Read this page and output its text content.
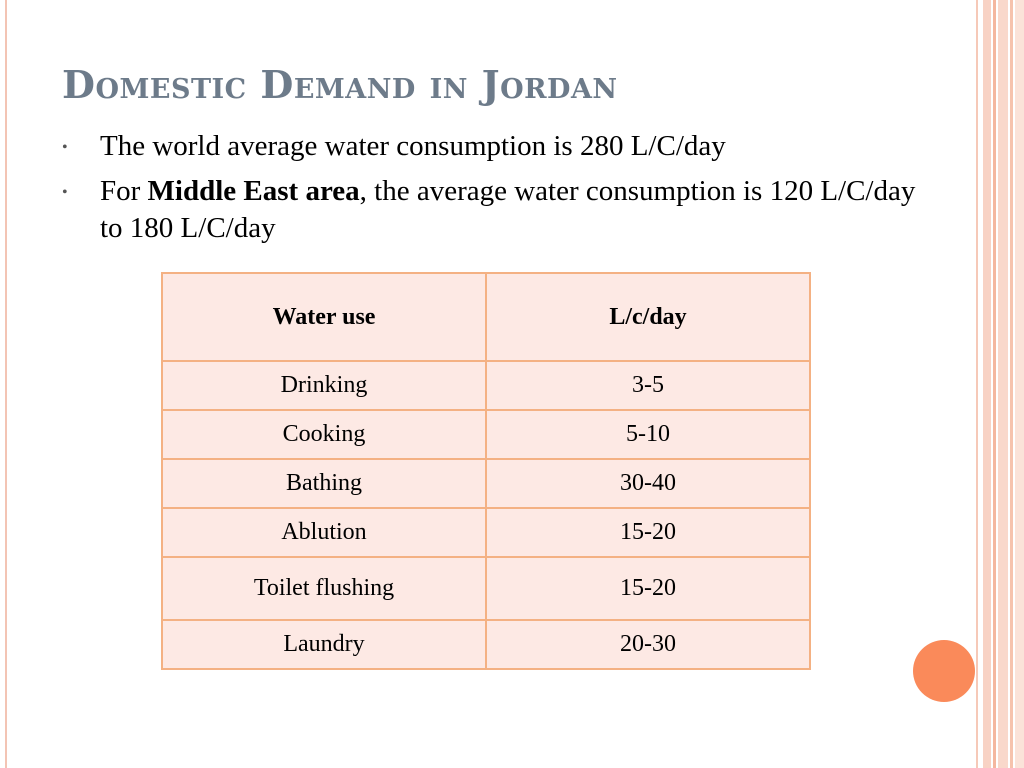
Domestic Demand in Jordan
• The world average water consumption is 280 L/C/day
• For Middle East area, the average water consumption is 120 L/C/day to 180 L/C/day
Water use	L/c/day
Drinking	3-5
Cooking	5-10
Bathing	30-40
Ablution	15-20
Toilet flushing	15-20
Laundry	20-30
